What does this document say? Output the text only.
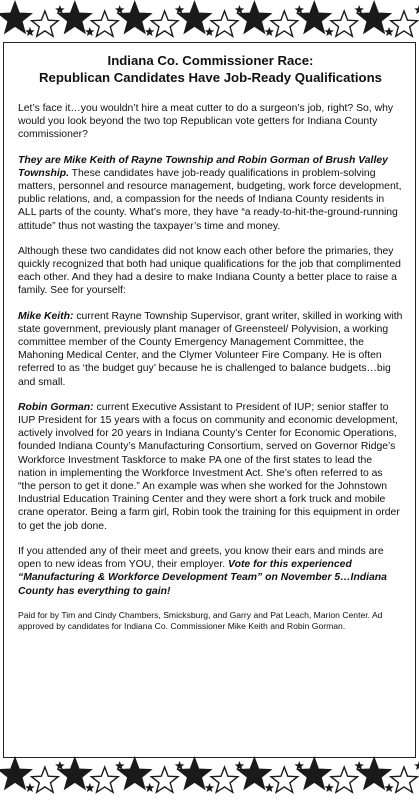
Indiana Co. Commissioner Race:
Republican Candidates Have Job-Ready Qualifications

Let’s face it…you wouldn’t hire a meat cutter to do a surgeon’s job, right? So, why would you look beyond the two top Republican vote getters for Indiana County commissioner?

They are Mike Keith of Rayne Township and Robin Gorman of Brush Valley Township. These candidates have job-ready qualifications in problem-solving matters, personnel and resource management, budgeting, work force development, public relations, and, a compassion for the needs of Indiana County residents in ALL parts of the county. What’s more, they have “a ready-to-hit-the-ground-running attitude” thus not wasting the taxpayer’s time and money.

Although these two candidates did not know each other before the primaries, they quickly recognized that both had unique qualifications for the job that complimented each other. And they had a desire to make Indiana County a better place to raise a family. See for yourself:

Mike Keith: current Rayne Township Supervisor, grant writer, skilled in working with state government, previously plant manager of Greensteel/ Polyvision, a working committee member of the County Emergency Management Committee, the Mahoning Medical Center, and the Clymer Volunteer Fire Company. He is often referred to as ‘the budget guy’ because he is challenged to balance budgets…big and small.

Robin Gorman: current Executive Assistant to President of IUP; senior staffer to IUP President for 15 years with a focus on community and economic development, actively involved for 20 years in Indiana County’s Center for Economic Operations, founded Indiana County’s Manufacturing Consortium, served on Governor Ridge’s Workforce Investment Taskforce to make PA one of the first states to lead the nation in implementing the Workforce Investment Act. She’s often referred to as “the person to get it done.” An example was when she worked for the Johnstown Industrial Education Training Center and they were short a fork truck and mobile crane operator. Being a farm girl, Robin took the training for this equipment in order to get the job done.

If you attended any of their meet and greets, you know their ears and minds are open to new ideas from YOU, their employer. Vote for this experienced “Manufacturing & Workforce Development Team” on November 5…Indiana County has everything to gain!

Paid for by Tim and Cindy Chambers, Smicksburg, and Garry and Pat Leach, Marion Center. Ad approved by candidates for Indiana Co. Commissioner Mike Keith and Robin Gorman.
